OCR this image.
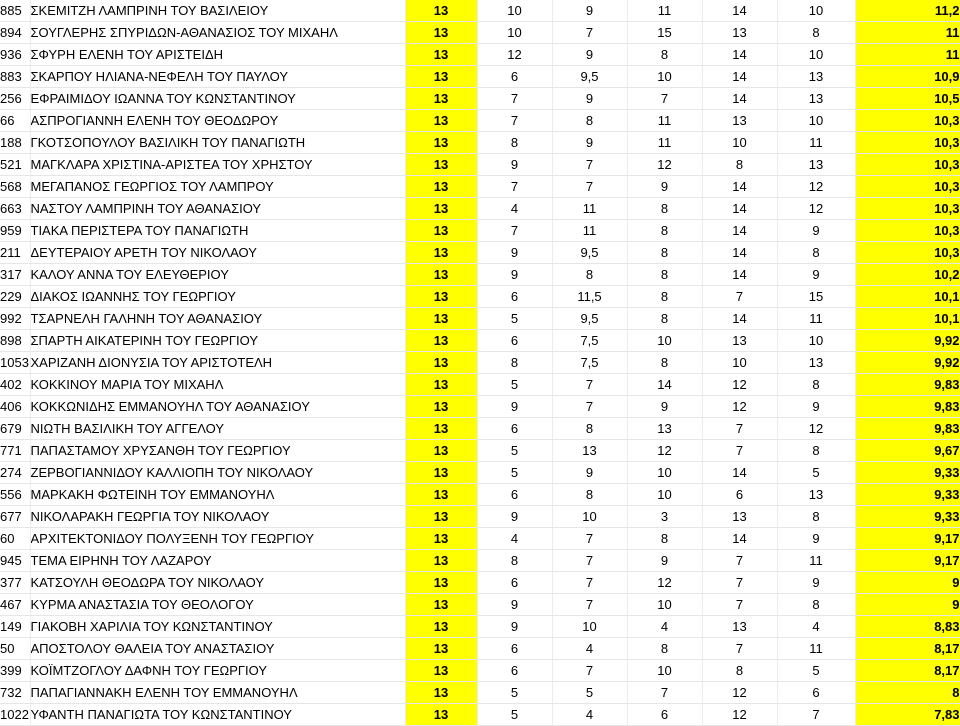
885	ΣΚΕΜΙΤΖΗ ΛΑΜΠΡΙΝΗ ΤΟΥ ΒΑΣΙΛΕΙΟΥ	13	10	9	11	14	10	11,2
894	ΣΟΥΓΛΕΡΗΣ ΣΠΥΡΙΔΩΝ-ΑΘΑΝΑΣΙΟΣ ΤΟΥ ΜΙΧΑΗΛ	13	10	7	15	13	8	11
936	ΣΦΥΡΗ ΕΛΕΝΗ ΤΟΥ ΑΡΙΣΤΕΙΔΗ	13	12	9	8	14	10	11
883	ΣΚΑΡΠΟΥ ΗΛΙΑΝΑ-ΝΕΦΕΛΗ ΤΟΥ ΠΑΥΛΟΥ	13	6	9,5	10	14	13	10,9
256	ΕΦΡΑΙΜΙΔΟΥ ΙΩΑΝΝΑ ΤΟΥ ΚΩΝΣΤΑΝΤΙΝΟΥ	13	7	9	7	14	13	10,5
66	ΑΣΠΡΟΓΙΑΝΝΗ ΕΛΕΝΗ ΤΟΥ ΘΕΟΔΩΡΟΥ	13	7	8	11	13	10	10,3
188	ΓΚΟΤΣΟΠΟΥΛΟΥ ΒΑΣΙΛΙΚΗ ΤΟΥ ΠΑΝΑΓΙΩΤΗ	13	8	9	11	10	11	10,3
521	ΜΑΓΚΛΑΡΑ ΧΡΙΣΤΙΝΑ-ΑΡΙΣΤΕΑ ΤΟΥ ΧΡΗΣΤΟΥ	13	9	7	12	8	13	10,3
568	ΜΕΓΑΠΑΝΟΣ ΓΕΩΡΓΙΟΣ ΤΟΥ ΛΑΜΠΡΟΥ	13	7	7	9	14	12	10,3
663	ΝΑΣΤΟΥ ΛΑΜΠΡΙΝΗ ΤΟΥ ΑΘΑΝΑΣΙΟΥ	13	4	11	8	14	12	10,3
959	ΤΙΑΚΑ ΠΕΡΙΣΤΕΡΑ ΤΟΥ ΠΑΝΑΓΙΩΤΗ	13	7	11	8	14	9	10,3
211	ΔΕΥΤΕΡΑΙΟΥ ΑΡΕΤΗ ΤΟΥ ΝΙΚΟΛΑΟΥ	13	9	9,5	8	14	8	10,3
317	ΚΑΛΟΥ ΑΝΝΑ ΤΟΥ ΕΛΕΥΘΕΡΙΟΥ	13	9	8	8	14	9	10,2
229	ΔΙΑΚΟΣ ΙΩΑΝΝΗΣ ΤΟΥ ΓΕΩΡΓΙΟΥ	13	6	11,5	8	7	15	10,1
992	ΤΣΑΡΝΕΛΗ ΓΑΛΗΝΗ ΤΟΥ ΑΘΑΝΑΣΙΟΥ	13	5	9,5	8	14	11	10,1
898	ΣΠΑΡΤΗ ΑΙΚΑΤΕΡΙΝΗ ΤΟΥ ΓΕΩΡΓΙΟΥ	13	6	7,5	10	13	10	9,92
1053	ΧΑΡΙΖΑΝΗ ΔΙΟΝΥΣΙΑ ΤΟΥ ΑΡΙΣΤΟΤΕΛΗ	13	8	7,5	8	10	13	9,92
402	ΚΟΚΚΙΝΟΥ ΜΑΡΙΑ ΤΟΥ ΜΙΧΑΗΛ	13	5	7	14	12	8	9,83
406	ΚΟΚΚΩΝΙΔΗΣ ΕΜΜΑΝΟΥΗΛ ΤΟΥ ΑΘΑΝΑΣΙΟΥ	13	9	7	9	12	9	9,83
679	ΝΙΩΤΗ ΒΑΣΙΛΙΚΗ ΤΟΥ ΑΓΓΕΛΟΥ	13	6	8	13	7	12	9,83
771	ΠΑΠΑΣΤΑΜΟΥ ΧΡΥΣΑΝΘΗ ΤΟΥ ΓΕΩΡΓΙΟΥ	13	5	13	12	7	8	9,67
274	ΖΕΡΒΟΓΙΑΝΝΙΔΟΥ ΚΑΛΛΙΟΠΗ ΤΟΥ ΝΙΚΟΛΑΟΥ	13	5	9	10	14	5	9,33
556	ΜΑΡΚΑΚΗ ΦΩΤΕΙΝΗ ΤΟΥ ΕΜΜΑΝΟΥΗΛ	13	6	8	10	6	13	9,33
677	ΝΙΚΟΛΑΡΑΚΗ ΓΕΩΡΓΙΑ ΤΟΥ ΝΙΚΟΛΑΟΥ	13	9	10	3	13	8	9,33
60	ΑΡΧΙΤΕΚΤΟΝΙΔΟΥ ΠΟΛΥΞΕΝΗ ΤΟΥ ΓΕΩΡΓΙΟΥ	13	4	7	8	14	9	9,17
945	ΤΕΜΑ ΕΙΡΗΝΗ ΤΟΥ ΛΑΖΑΡΟΥ	13	8	7	9	7	11	9,17
377	ΚΑΤΣΟΥΛΗ ΘΕΟΔΩΡΑ ΤΟΥ ΝΙΚΟΛΑΟΥ	13	6	7	12	7	9	9
467	ΚΥΡΜΑ ΑΝΑΣΤΑΣΙΑ ΤΟΥ ΘΕΟΛΟΓΟΥ	13	9	7	10	7	8	9
149	ΓΙΑΚΟΒΗ ΧΑΡΙΛΙΑ ΤΟΥ ΚΩΝΣΤΑΝΤΙΝΟΥ	13	9	10	4	13	4	8,83
50	ΑΠΟΣΤΟΛΟΥ ΘΑΛΕΙΑ ΤΟΥ ΑΝΑΣΤΑΣΙΟΥ	13	6	4	8	7	11	8,17
399	ΚΟΪΜΤΖΟΓΛΟΥ ΔΑΦΝΗ ΤΟΥ ΓΕΩΡΓΙΟΥ	13	6	7	10	8	5	8,17
732	ΠΑΠΑΓΙΑΝΝΑΚΗ ΕΛΕΝΗ ΤΟΥ ΕΜΜΑΝΟΥΗΛ	13	5	5	7	12	6	8
1022	ΥΦΑΝΤΗ ΠΑΝΑΓΙΩΤΑ ΤΟΥ ΚΩΝΣΤΑΝΤΙΝΟΥ	13	5	4	6	12	7	7,83
